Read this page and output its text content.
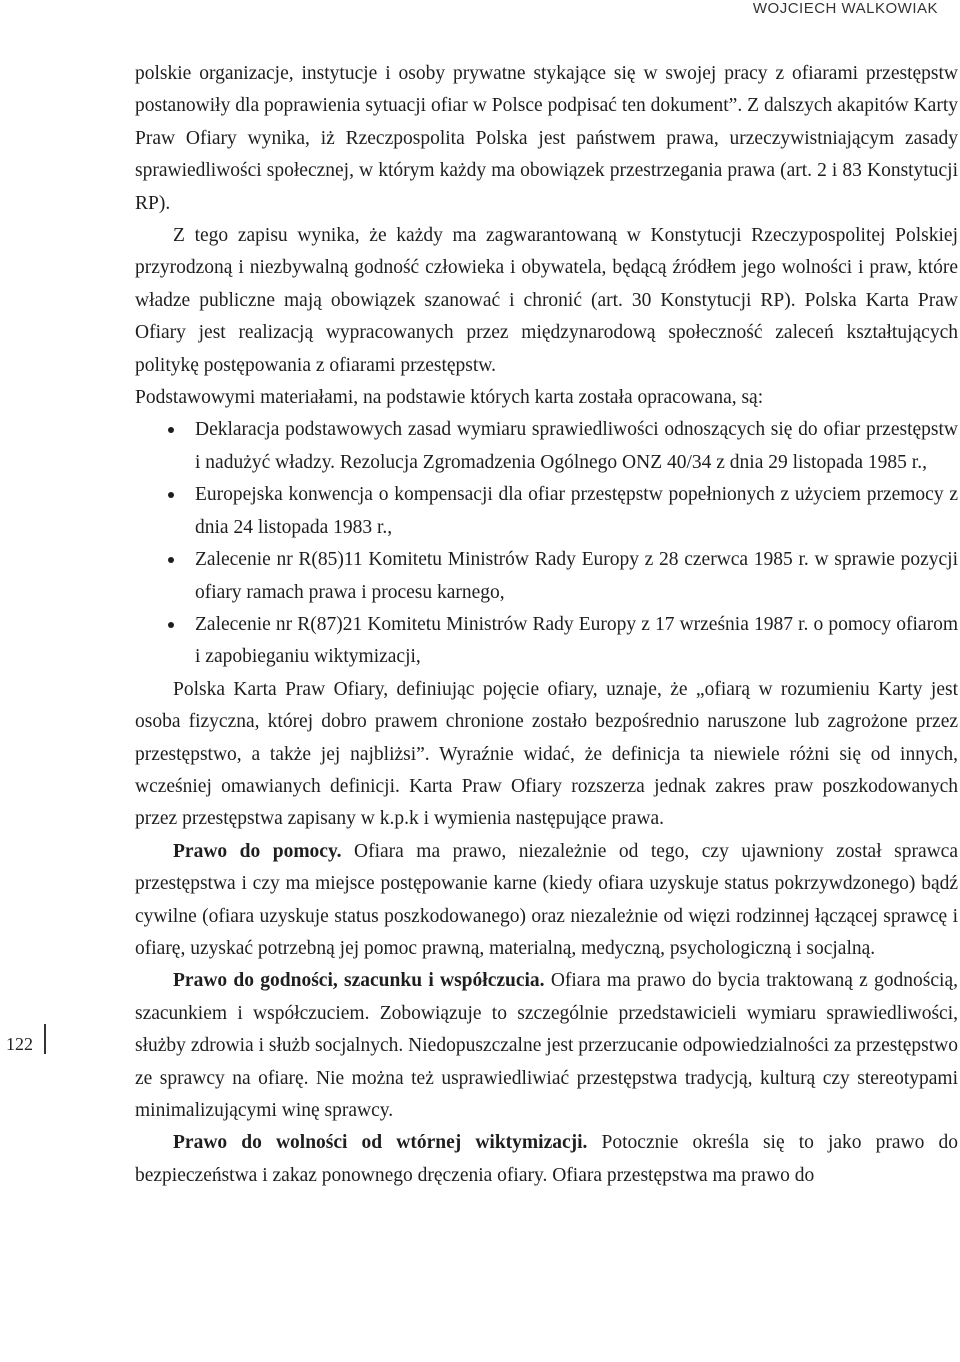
WOJCIECH WALKOWIAK
122

polskie organizacje, instytucje i osoby prywatne stykające się w swojej pracy z ofiarami przestępstw postanowiły dla poprawienia sytuacji ofiar w Polsce podpisać ten dokument”. Z dalszych akapitów Karty Praw Ofiary wynika, iż Rzeczpospolita Polska jest państwem prawa, urzeczywistniającym zasady sprawiedliwości społecznej, w którym każdy ma obowiązek przestrzegania prawa (art. 2 i 83 Konstytucji RP).

Z tego zapisu wynika, że każdy ma zagwarantowaną w Konstytucji Rzeczypospolitej Polskiej przyrodzoną i niezbywalną godność człowieka i obywatela, będącą źródłem jego wolności i praw, które władze publiczne mają obowiązek szanować i chronić (art. 30 Konstytucji RP). Polska Karta Praw Ofiary jest realizacją wypracowanych przez międzynarodową społeczność zaleceń kształtujących politykę postępowania z ofiarami przestępstw.

Podstawowymi materiałami, na podstawie których karta została opracowana, są:

Deklaracja podstawowych zasad wymiaru sprawiedliwości odnoszących się do ofiar przestępstw i nadużyć władzy. Rezolucja Zgromadzenia Ogólnego ONZ 40/34 z dnia 29 listopada 1985 r.,
Europejska konwencja o kompensacji dla ofiar przestępstw popełnionych z użyciem przemocy z dnia 24 listopada 1983 r.,
Zalecenie nr R(85)11 Komitetu Ministrów Rady Europy z 28 czerwca 1985 r. w sprawie pozycji ofiary ramach prawa i procesu karnego,
Zalecenie nr R(87)21 Komitetu Ministrów Rady Europy z 17 września 1987 r. o pomocy ofiarom i zapobieganiu wiktymizacji,

Polska Karta Praw Ofiary, definiując pojęcie ofiary, uznaje, że „ofiarą w rozumieniu Karty jest osoba fizyczna, której dobro prawem chronione zostało bezpośrednio naruszone lub zagrożone przez przestępstwo, a także jej najbliżsi”. Wyraźnie widać, że definicja ta niewiele różni się od innych, wcześniej omawianych definicji. Karta Praw Ofiary rozszerza jednak zakres praw poszkodowanych przez przestępstwa zapisany w k.p.k i wymienia następujące prawa.

Prawo do pomocy. Ofiara ma prawo, niezależnie od tego, czy ujawniony został sprawca przestępstwa i czy ma miejsce postępowanie karne (kiedy ofiara uzyskuje status pokrzywdzonego) bądź cywilne (ofiara uzyskuje status poszkodowanego) oraz niezależnie od więzi rodzinnej łączącej sprawcę i ofiarę, uzyskać potrzebną jej pomoc prawną, materialną, medyczną, psychologiczną i socjalną.

Prawo do godności, szacunku i współczucia. Ofiara ma prawo do bycia traktowaną z godnością, szacunkiem i współczuciem. Zobowiązuje to szczególnie przedstawicieli wymiaru sprawiedliwości, służby zdrowia i służb socjalnych. Niedopuszczalne jest przerzucanie odpowiedzialności za przestępstwo ze sprawcy na ofiarę. Nie można też usprawiedliwiać przestępstwa tradycją, kulturą czy stereotypami minimalizującymi winę sprawcy.

Prawo do wolności od wtórnej wiktymizacji. Potocznie określa się to jako prawo do bezpieczeństwa i zakaz ponownego dręczenia ofiary. Ofiara przestępstwa ma prawo do
